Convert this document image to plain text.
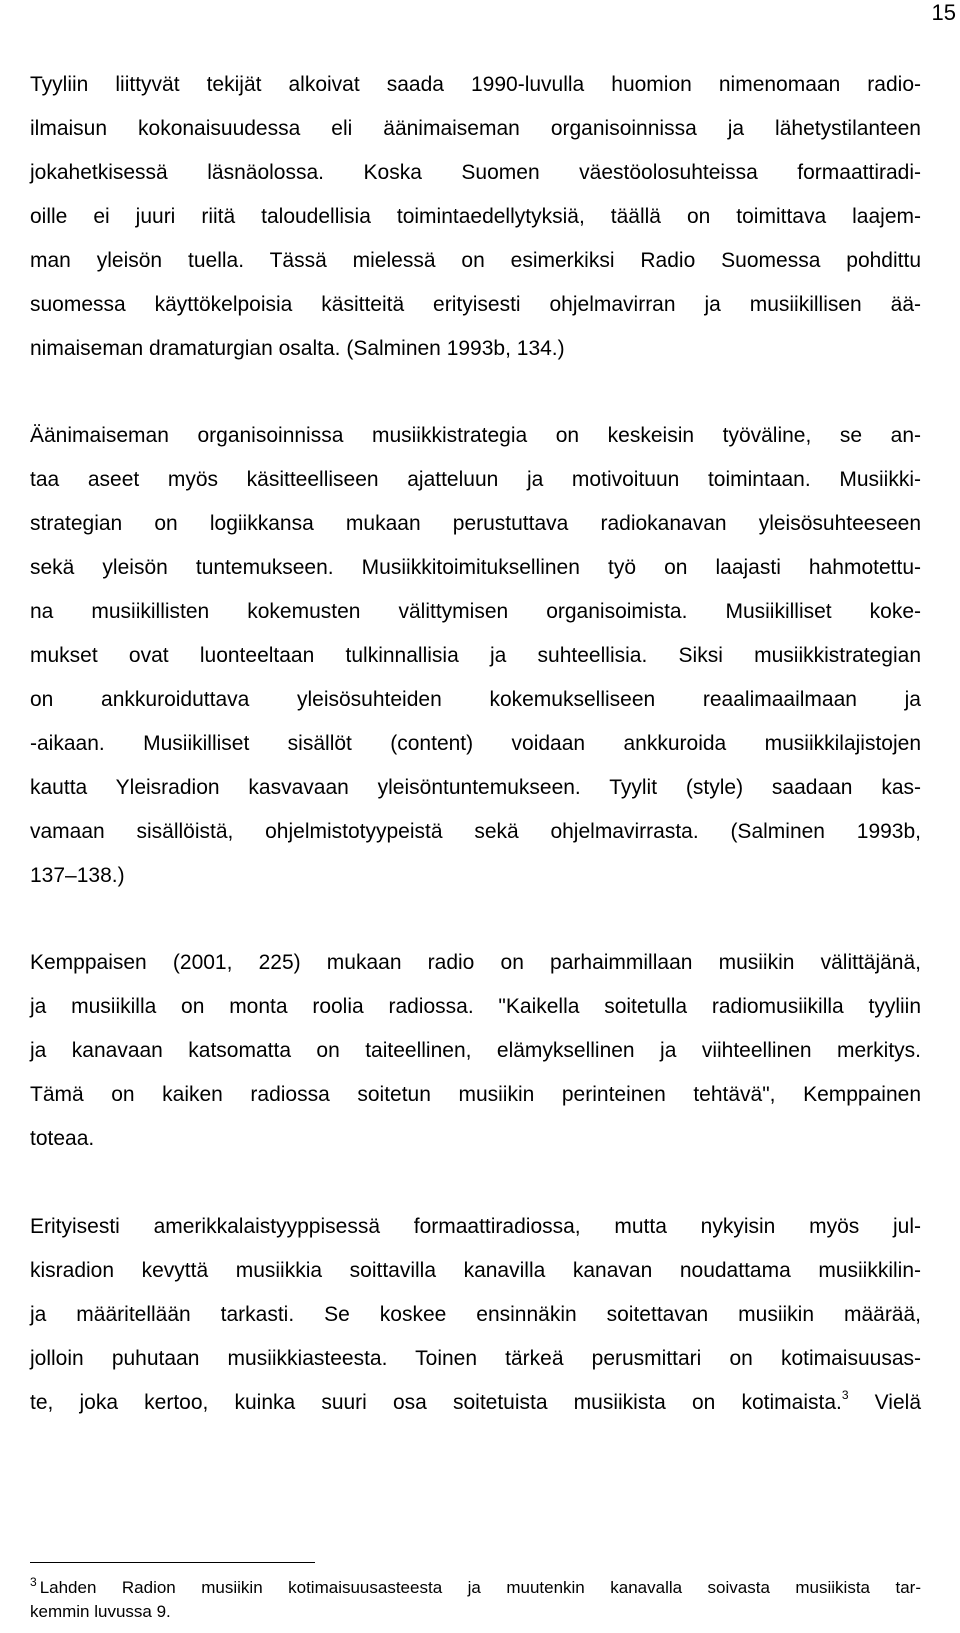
15
Tyyliin liittyvät tekijät alkoivat saada 1990-luvulla huomion nimenomaan radio-
ilmaisun kokonaisuudessa eli äänimaiseman organisoinnissa ja lähetystilanteen
jokahetkisessä läsnäolossa. Koska Suomen väestöolosuhteissa formaattiradi-
oille ei juuri riitä taloudellisia toimintaedellytyksiä, täällä on toimittava laajem-
man yleisön tuella. Tässä mielessä on esimerkiksi Radio Suomessa pohdittu
suomessa käyttökelpoisia käsitteitä erityisesti ohjelmavirran ja musiikillisen ää-
nimaiseman dramaturgian osalta. (Salminen 1993b, 134.)
Äänimaiseman organisoinnissa musiikkistrategia on keskeisin työväline, se an-
taa aseet myös käsitteelliseen ajatteluun ja motivoituun toimintaan. Musiikki-
strategian on logiikkansa mukaan perustuttava radiokanavan yleisösuhteeseen
sekä yleisön tuntemukseen. Musiikkitoimituksellinen työ on laajasti hahmotettu-
na musiikillisten kokemusten välittymisen organisoimista. Musiikilliset koke-
mukset ovat luonteeltaan tulkinnallisia ja suhteellisia. Siksi musiikkistrategian
on ankkuroiduttava yleisösuhteiden kokemukselliseen reaalimaailmaan ja
-aikaan. Musiikilliset sisällöt (content) voidaan ankkuroida musiikkilajistojen
kautta Yleisradion kasvavaan yleisöntuntemukseen. Tyylit (style) saadaan kas-
vamaan sisällöistä, ohjelmistotyypeistä sekä ohjelmavirrasta. (Salminen 1993b,
137–138.)
Kemppaisen (2001, 225) mukaan radio on parhaimmillaan musiikin välittäjänä,
ja musiikilla on monta roolia radiossa. "Kaikella soitetulla radiomusiikilla tyyliin
ja kanavaan katsomatta on taiteellinen, elämyksellinen ja viihteellinen merkitys.
Tämä on kaiken radiossa soitetun musiikin perinteinen tehtävä", Kemppainen
toteaa.
Erityisesti amerikkalaistyyppisessä formaattiradiossa, mutta nykyisin myös jul-
kisradion kevyttä musiikkia soittavilla kanavilla kanavan noudattama musiikkilin-
ja määritellään tarkasti. Se koskee ensinnäkin soitettavan musiikin määrää,
jolloin puhutaan musiikkiasteesta. Toinen tärkeä perusmittari on kotimaisuusas-
te, joka kertoo, kuinka suuri osa soitetuista musiikista on kotimaista.$^3$ Vielä
$^3$ Lahden Radion musiikin kotimaisuusasteesta ja muutenkin kanavalla soivasta musiikista tar-
kemmin luvussa 9.
